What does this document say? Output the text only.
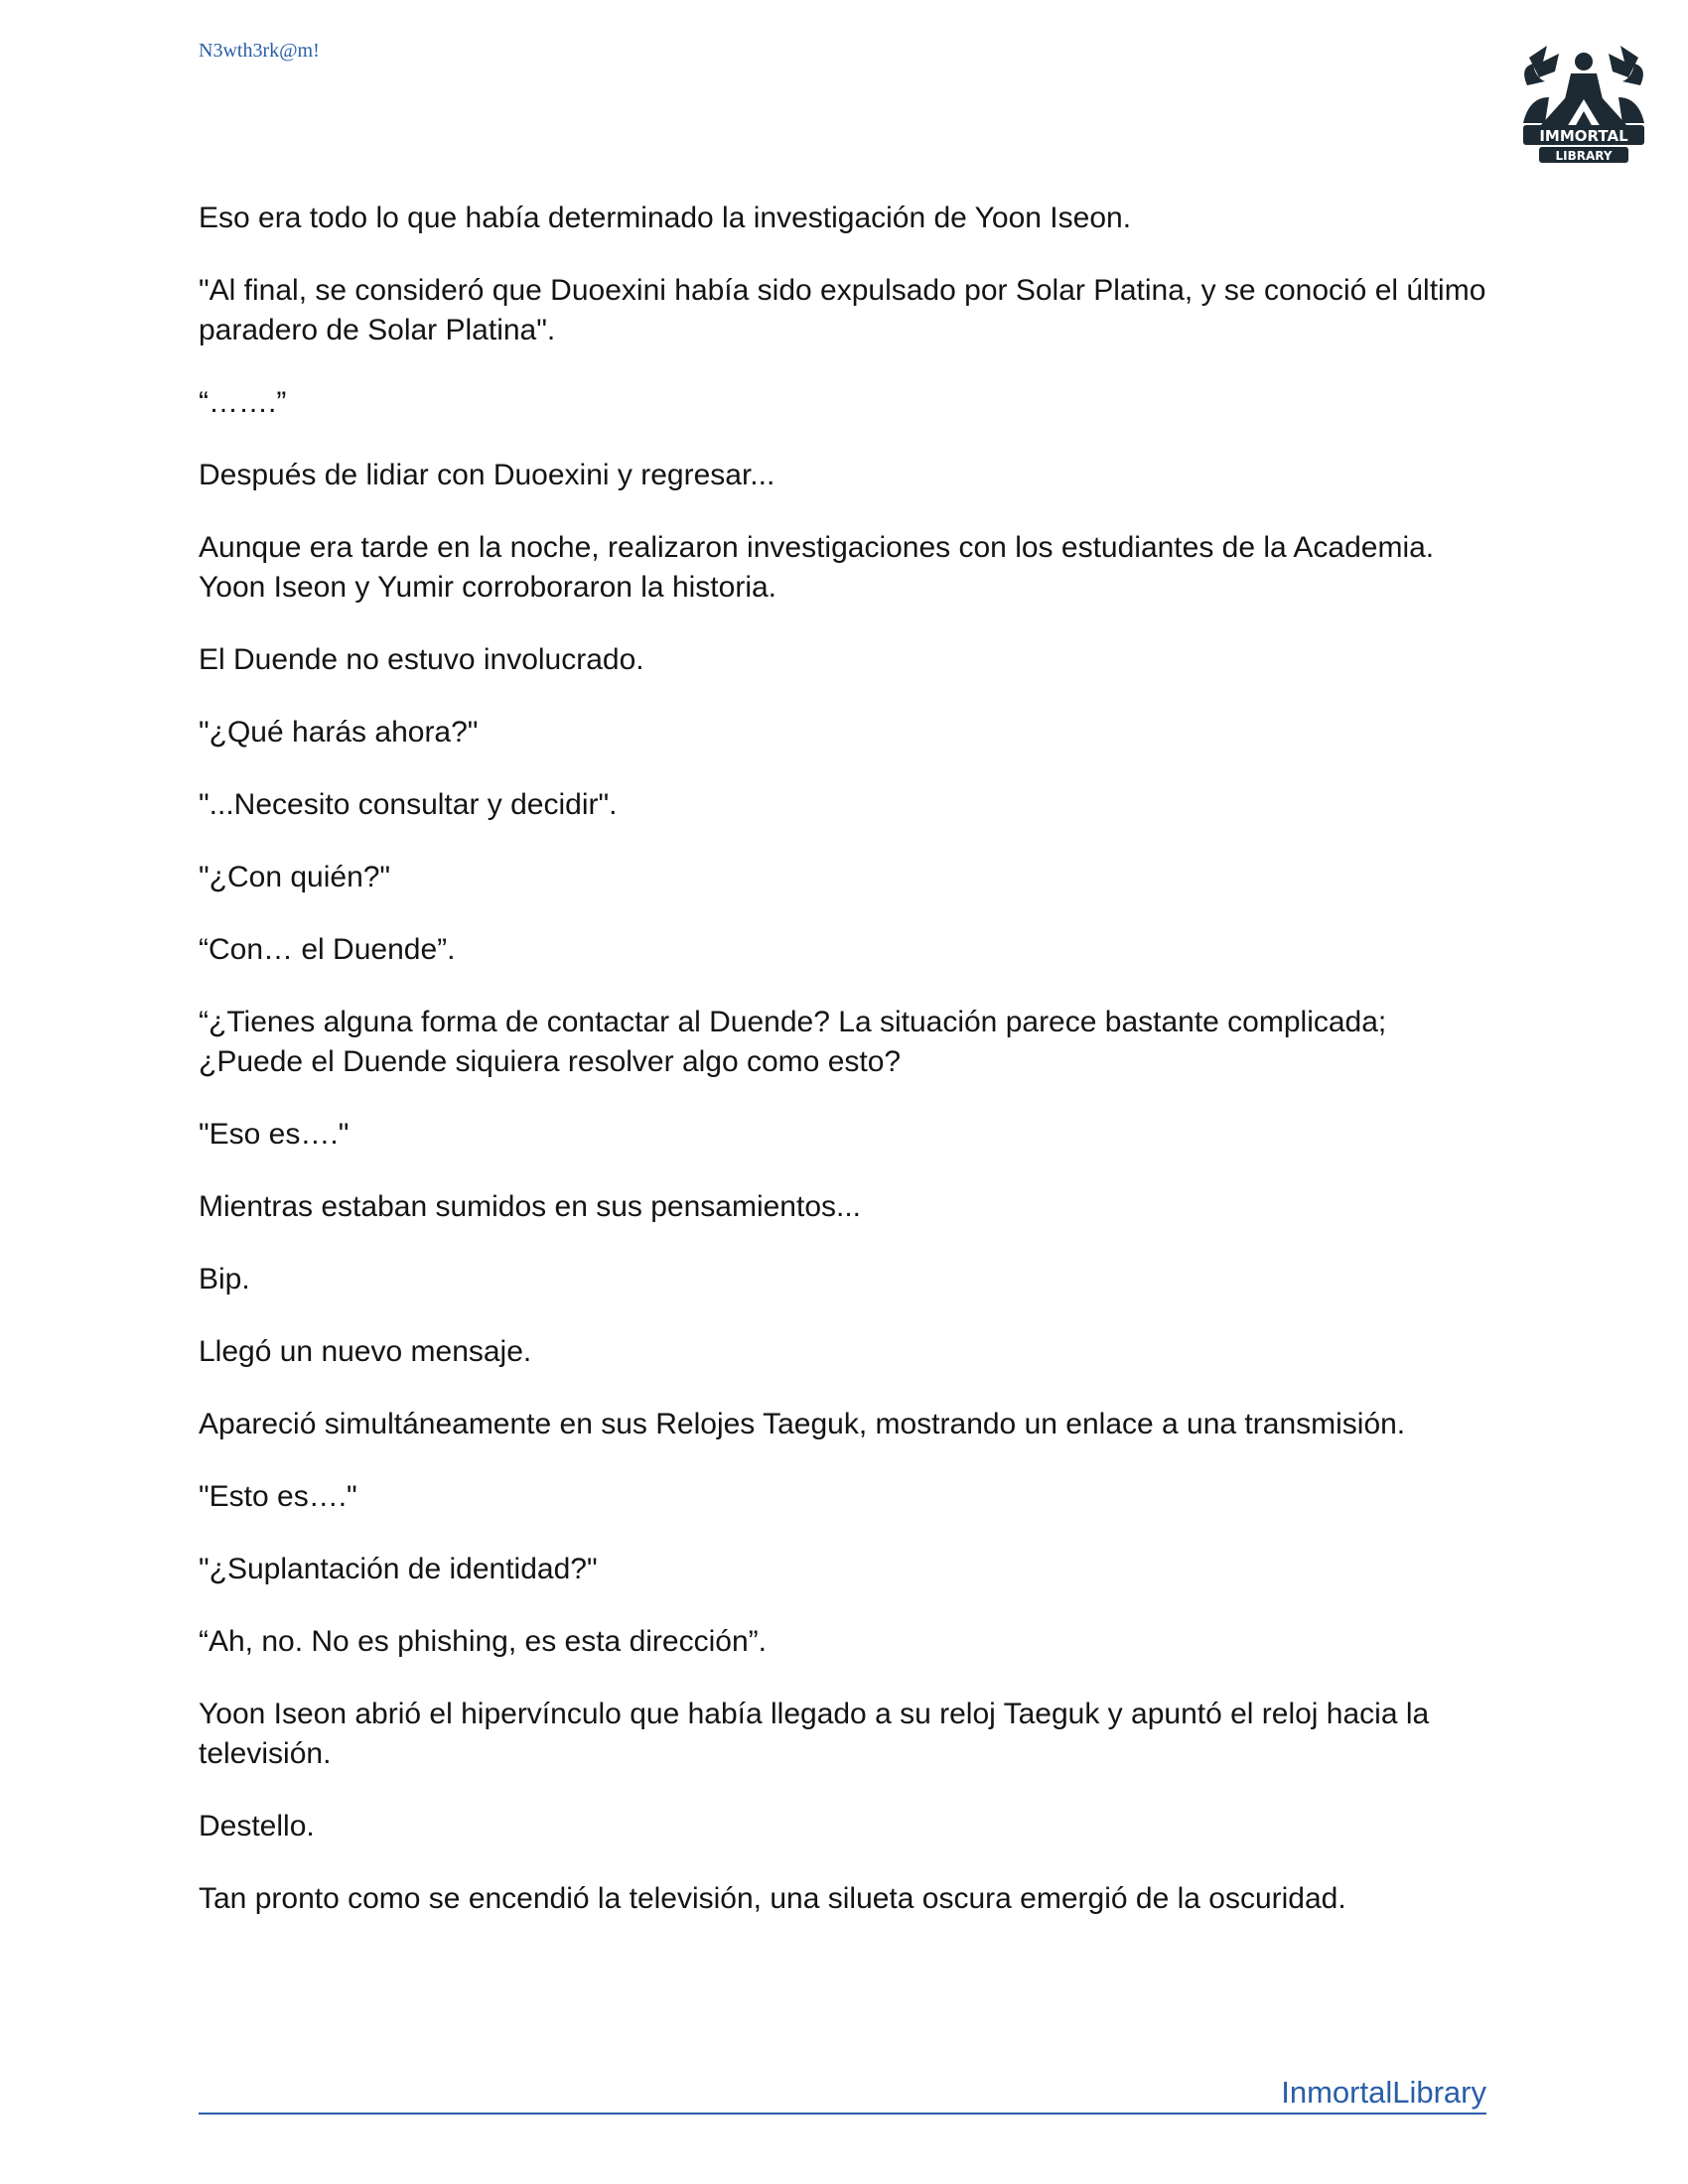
N3wth3rk@m!
IMMORTAL
LIBRARY

Eso era todo lo que había determinado la investigación de Yoon Iseon.

"Al final, se consideró que Duoexini había sido expulsado por Solar Platina, y se conoció el último paradero de Solar Platina".

“…….”

Después de lidiar con Duoexini y regresar...

Aunque era tarde en la noche, realizaron investigaciones con los estudiantes de la Academia. Yoon Iseon y Yumir corroboraron la historia.

El Duende no estuvo involucrado.

"¿Qué harás ahora?"

"...Necesito consultar y decidir".

"¿Con quién?"

“Con… el Duende”.

“¿Tienes alguna forma de contactar al Duende? La situación parece bastante complicada; ¿Puede el Duende siquiera resolver algo como esto?

"Eso es…."

Mientras estaban sumidos en sus pensamientos...

Bip.

Llegó un nuevo mensaje.

Apareció simultáneamente en sus Relojes Taeguk, mostrando un enlace a una transmisión.

"Esto es…."

"¿Suplantación de identidad?"

“Ah, no. No es phishing, es esta dirección”.

Yoon Iseon abrió el hipervínculo que había llegado a su reloj Taeguk y apuntó el reloj hacia la televisión.

Destello.

Tan pronto como se encendió la televisión, una silueta oscura emergió de la oscuridad.

InmortalLibrary
